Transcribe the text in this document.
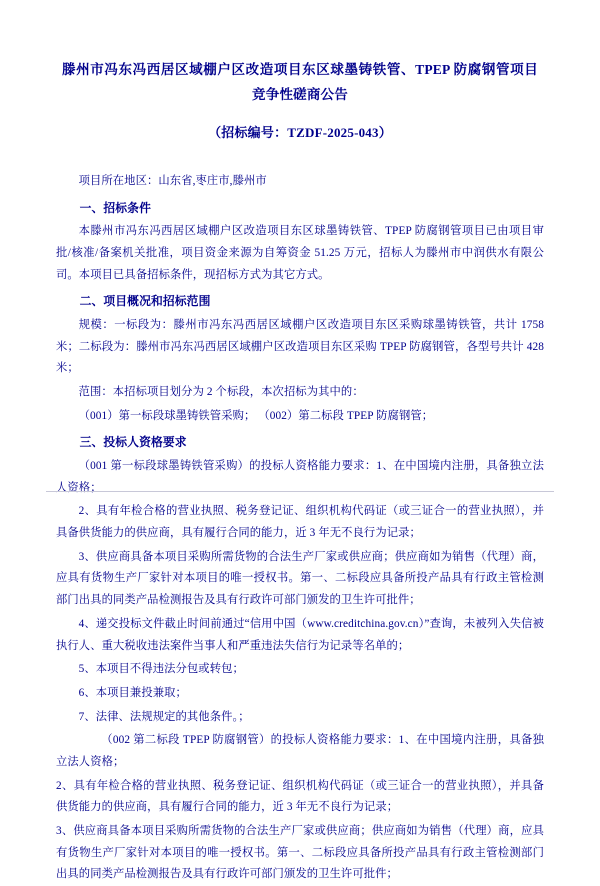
滕州市冯东冯西居区域棚户区改造项目东区球墨铸铁管、TPEP 防腐钢管项目竞争性磋商公告
（招标编号：TZDF-2025-043）

项目所在地区：山东省,枣庄市,滕州市

一、招标条件

本滕州市冯东冯西居区域棚户区改造项目东区球墨铸铁管、TPEP 防腐钢管项目已由项目审批/核准/备案机关批准，项目资金来源为自筹资金 51.25 万元，招标人为滕州市中润供水有限公司。本项目已具备招标条件，现招标方式为其它方式。

二、项目概况和招标范围

规模：一标段为：滕州市冯东冯西居区域棚户区改造项目东区采购球墨铸铁管，共计 1758 米；二标段为：滕州市冯东冯西居区域棚户区改造项目东区采购 TPEP 防腐钢管，各型号共计 428 米；

范围：本招标项目划分为 2 个标段，本次招标为其中的：

（001）第一标段球墨铸铁管采购； （002）第二标段 TPEP 防腐钢管；

三、投标人资格要求

（001 第一标段球墨铸铁管采购）的投标人资格能力要求：1、在中国境内注册，具备独立法人资格；

2、具有年检合格的营业执照、税务登记证、组织机构代码证（或三证合一的营业执照），并具备供货能力的供应商，具有履行合同的能力，近 3 年无不良行为记录；

3、供应商具备本项目采购所需货物的合法生产厂家或供应商；供应商如为销售（代理）商，应具有货物生产厂家针对本项目的唯一授权书。第一、二标段应具备所投产品具有行政主管检测部门出具的同类产品检测报告及具有行政许可部门颁发的卫生许可批件；

4、递交投标文件截止时间前通过“信用中国（www.creditchina.gov.cn）”查询，未被列入失信被执行人、重大税收违法案件当事人和严重违法失信行为记录等名单的；

5、本项目不得违法分包或转包；

6、本项目兼投兼取；

7、法律、法规规定的其他条件。；

（002 第二标段 TPEP 防腐钢管）的投标人资格能力要求：1、在中国境内注册，具备独立法人资格；

2、具有年检合格的营业执照、税务登记证、组织机构代码证（或三证合一的营业执照），并具备供货能力的供应商，具有履行合同的能力，近 3 年无不良行为记录；

3、供应商具备本项目采购所需货物的合法生产厂家或供应商；供应商如为销售（代理）商，应具有货物生产厂家针对本项目的唯一授权书。第一、二标段应具备所投产品具有行政主管检测部门出具的同类产品检测报告及具有行政许可部门颁发的卫生许可批件；
